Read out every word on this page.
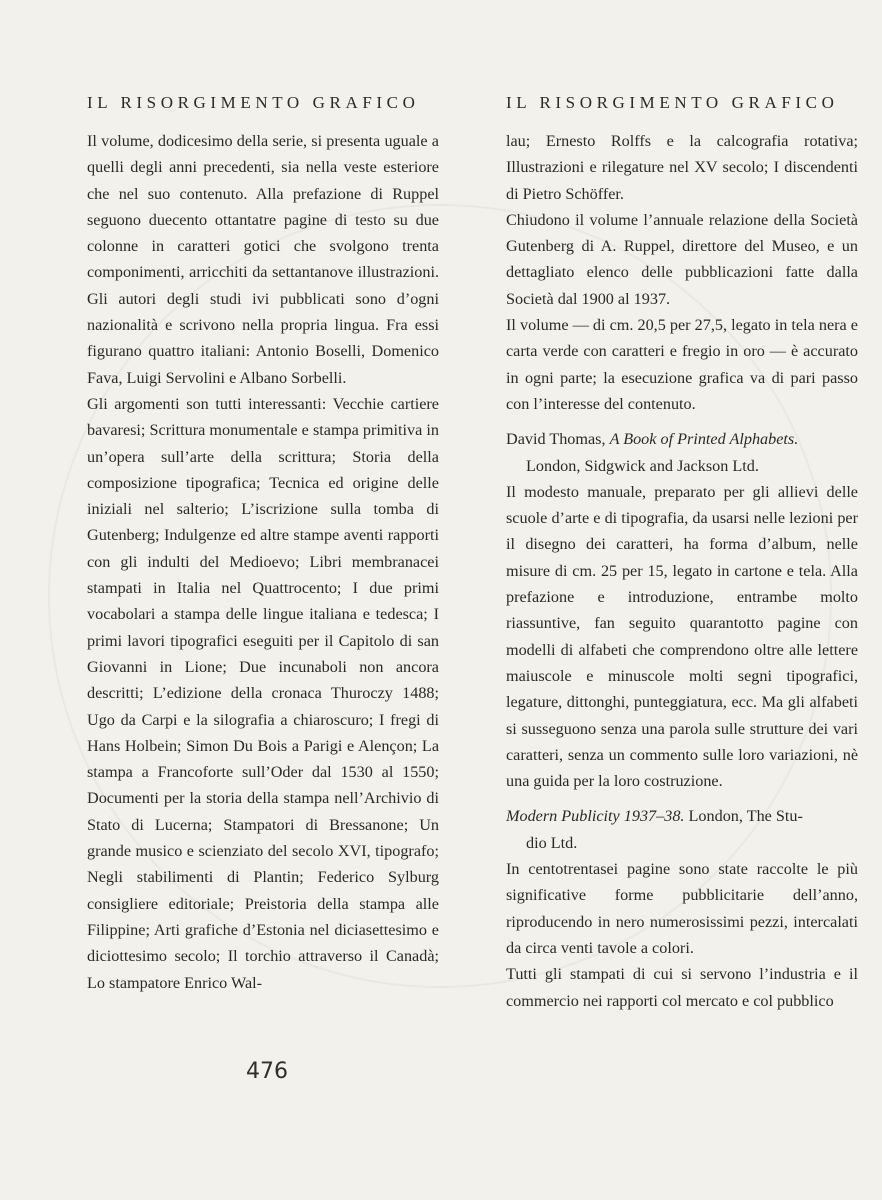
IL RISORGIMENTO GRAFICO

Il volume, dodicesimo della serie, si presenta uguale a quelli degli anni precedenti, sia nella veste esteriore che nel suo contenuto. Alla prefazione di Ruppel seguono duecento ottantatre pagine di testo su due colonne in caratteri gotici che svolgono trenta componimenti, arricchiti da settantanove illustrazioni. Gli autori degli studi ivi pubblicati sono d’ogni nazionalità e scrivono nella propria lingua. Fra essi figurano quattro italiani: Antonio Boselli, Domenico Fava, Luigi Servolini e Albano Sorbelli.

Gli argomenti son tutti interessanti: Vecchie cartiere bavaresi; Scrittura monumentale e stampa primitiva in un’opera sull’arte della scrittura; Storia della composizione tipografica; Tecnica ed origine delle iniziali nel salterio; L’iscrizione sulla tomba di Gutenberg; Indulgenze ed altre stampe aventi rapporti con gli indulti del Medioevo; Libri membranacei stampati in Italia nel Quattrocento; I due primi vocabolari a stampa delle lingue italiana e tedesca; I primi lavori tipografici eseguiti per il Capitolo di san Giovanni in Lione; Due incunaboli non ancora descritti; L’edizione della cronaca Thuroczy 1488; Ugo da Carpi e la silografia a chiaroscuro; I fregi di Hans Holbein; Simon Du Bois a Parigi e Alençon; La stampa a Francoforte sull’Oder dal 1530 al 1550; Documenti per la storia della stampa nell’Archivio di Stato di Lucerna; Stampatori di Bressanone; Un grande musico e scienziato del secolo XVI, tipografo; Negli stabilimenti di Plantin; Federico Sylburg consigliere editoriale; Preistoria della stampa alle Filippine; Arti grafiche d’Estonia nel diciasettesimo e diciottesimo secolo; Il torchio attraverso il Canadà; Lo stampatore Enrico Wal-

IL RISORGIMENTO GRAFICO

lau; Ernesto Rolffs e la calcografia rotativa; Illustrazioni e rilegature nel XV secolo; I discendenti di Pietro Schöffer.

Chiudono il volume l’annuale relazione della Società Gutenberg di A. Ruppel, direttore del Museo, e un dettagliato elenco delle pubblicazioni fatte dalla Società dal 1900 al 1937.

Il volume — di cm. 20,5 per 27,5, legato in tela nera e carta verde con caratteri e fregio in oro — è accurato in ogni parte; la esecuzione grafica va di pari passo con l’interesse del contenuto.

David Thomas, A Book of Printed Alphabets.
London, Sidgwick and Jackson Ltd.

Il modesto manuale, preparato per gli allievi delle scuole d’arte e di tipografia, da usarsi nelle lezioni per il disegno dei caratteri, ha forma d’album, nelle misure di cm. 25 per 15, legato in cartone e tela. Alla prefazione e introduzione, entrambe molto riassuntive, fan seguito quarantotto pagine con modelli di alfabeti che comprendono oltre alle lettere maiuscole e minuscole molti segni tipografici, legature, dittonghi, punteggiatura, ecc. Ma gli alfabeti si susseguono senza una parola sulle strutture dei vari caratteri, senza un commento sulle loro variazioni, nè una guida per la loro costruzione.

Modern Publicity 1937–38. London, The Stu-
dio Ltd.

In centotrentasei pagine sono state raccolte le più significative forme pubblicitarie dell’anno, riproducendo in nero numerosissimi pezzi, intercalati da circa venti tavole a colori.

Tutti gli stampati di cui si servono l’industria e il commercio nei rapporti col mercato e col pubblico

476
